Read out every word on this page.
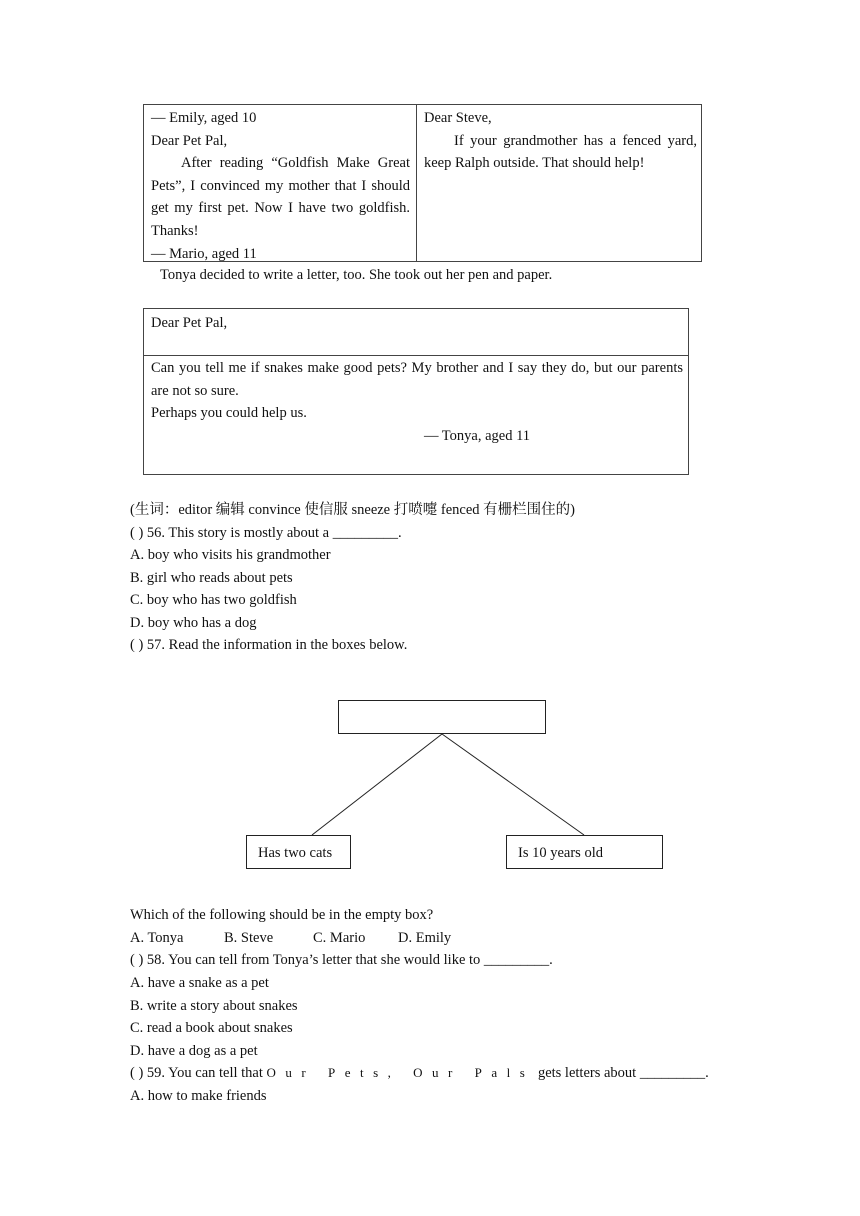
— Emily, aged 10
Dear Pet Pal,
After reading “Goldfish Make Great Pets”, I convinced my mother that I should get my first pet. Now I have two goldfish. Thanks!
— Mario, aged 11
Dear Steve,
If your grandmother has a fenced yard, keep Ralph outside. That should help!
Tonya decided to write a letter, too. She took out her pen and paper.
Dear Pet Pal,
Can you tell me if snakes make good pets? My brother and I say they do, but our parents are not so sure.
Perhaps you could help us.
— Tonya, aged 11
(生词：editor 编辑 convince 使信服 sneeze 打喷嚏 fenced 有栅栏围住的)
( ) 56. This story is mostly about a _________.
A. boy who visits his grandmother
B. girl who reads about pets
C. boy who has two goldfish
D. boy who has a dog
( ) 57. Read the information in the boxes below.
Has two cats	Is 10 years old
Which of the following should be in the empty box?
A. Tonya	B. Steve	C. Mario D. Emily
( ) 58. You can tell from Tonya’s letter that she would like to _________.
A. have a snake as a pet
B. write a story about snakes
C. read a book about snakes
D. have a dog as a pet
( ) 59. You can tell that Our Pets, Our Pals gets letters about _________.
A. how to make friends
